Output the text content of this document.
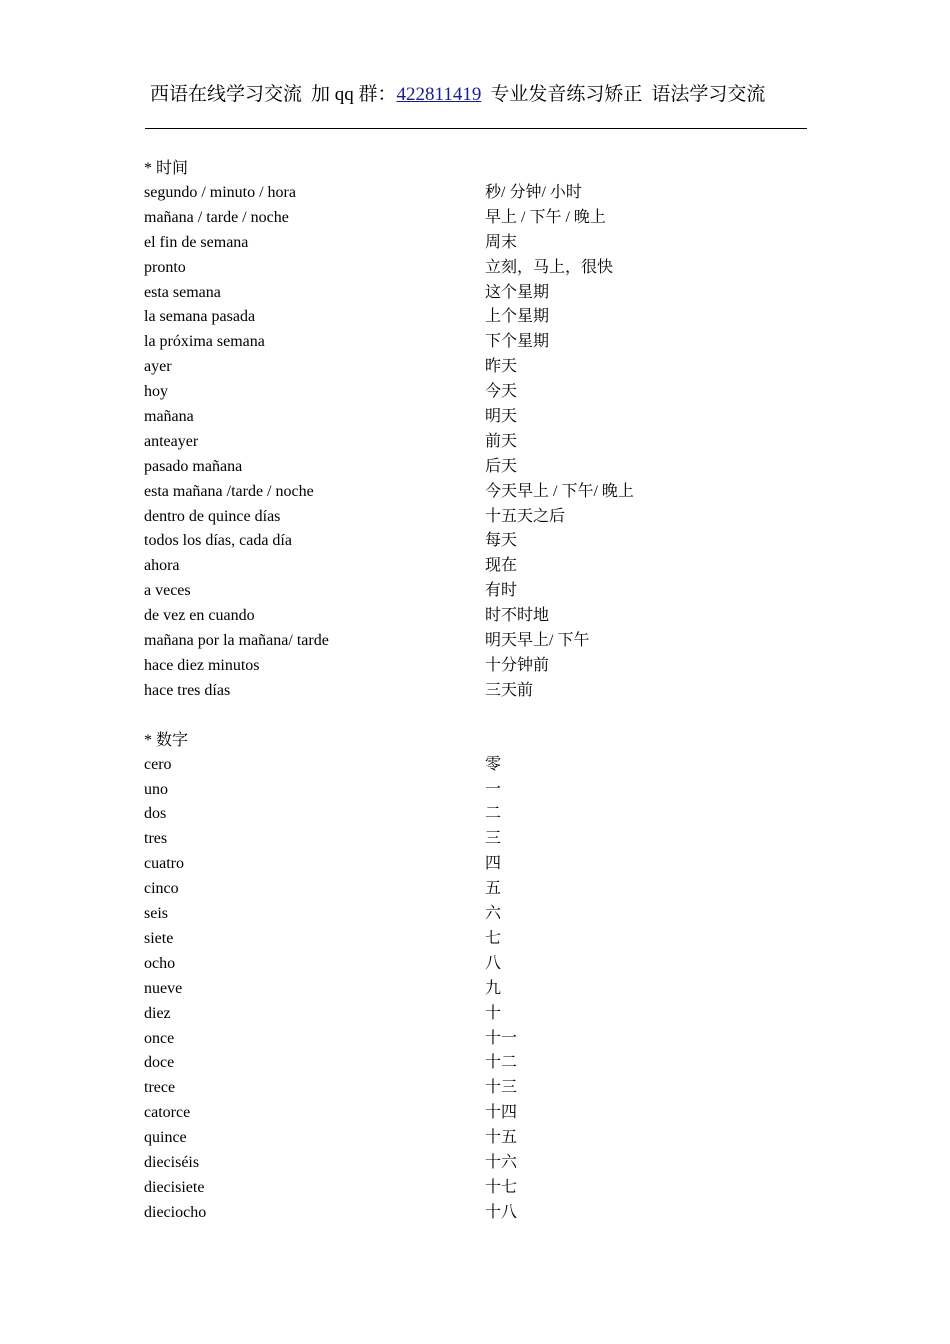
西语在线学习交流 加 qq 群：422811419 专业发音练习矫正 语法学习交流
* 时间
segundo / minuto / hora	秒/ 分钟/ 小时
mañana / tarde / noche	早上 / 下午 / 晚上
el fin de semana	周末
pronto	立刻，马上，很快
esta semana	这个星期
la semana pasada	上个星期
la próxima semana	下个星期
ayer	昨天
hoy	今天
mañana	明天
anteayer	前天
pasado mañana	后天
esta mañana /tarde / noche	今天早上 / 下午/ 晚上
dentro de quince días	十五天之后
todos los días, cada día	每天
ahora	现在
a veces	有时
de vez en cuando	时不时地
mañana por la mañana/ tarde	明天早上/ 下午
hace diez minutos	十分钟前
hace tres días	三天前
* 数字
cero	零
uno	一
dos	二
tres	三
cuatro	四
cinco	五
seis	六
siete	七
ocho	八
nueve	九
diez	十
once	十一
doce	十二
trece	十三
catorce	十四
quince	十五
dieciséis	十六
diecisiete	十七
dieciocho	十八
